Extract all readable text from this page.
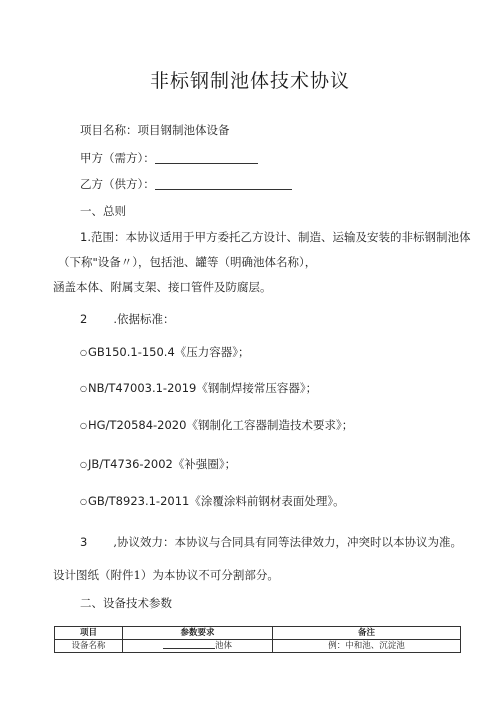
非标钢制池体技术协议
项目名称：项目钢制池体设备
甲方（需方）：
乙方（供方）：
一、总则
1.范围：本协议适用于甲方委托乙方设计、制造、运输及安装的非标钢制池体
（下称"设备〃），包括池、罐等（明确池体名称），
涵盖本体、附属支架、接口管件及防腐层。
2 .依据标准：
○GB150.1-150.4《压力容器》；
○NB/T47003.1-2019《钢制焊接常压容器》；
○HG/T20584-2020《钢制化工容器制造技术要求》；
○JB/T4736-2002《补强圈》；
○GB/T8923.1-2011《涂覆涂料前钢材表面处理》。
3 ,协议效力：本协议与合同具有同等法律效力，冲突时以本协议为准。
设计图纸（附件1）为本协议不可分割部分。
二、设备技术参数
项目	参数要求	备注
设备名称	池体	例：中和池、沉淀池
